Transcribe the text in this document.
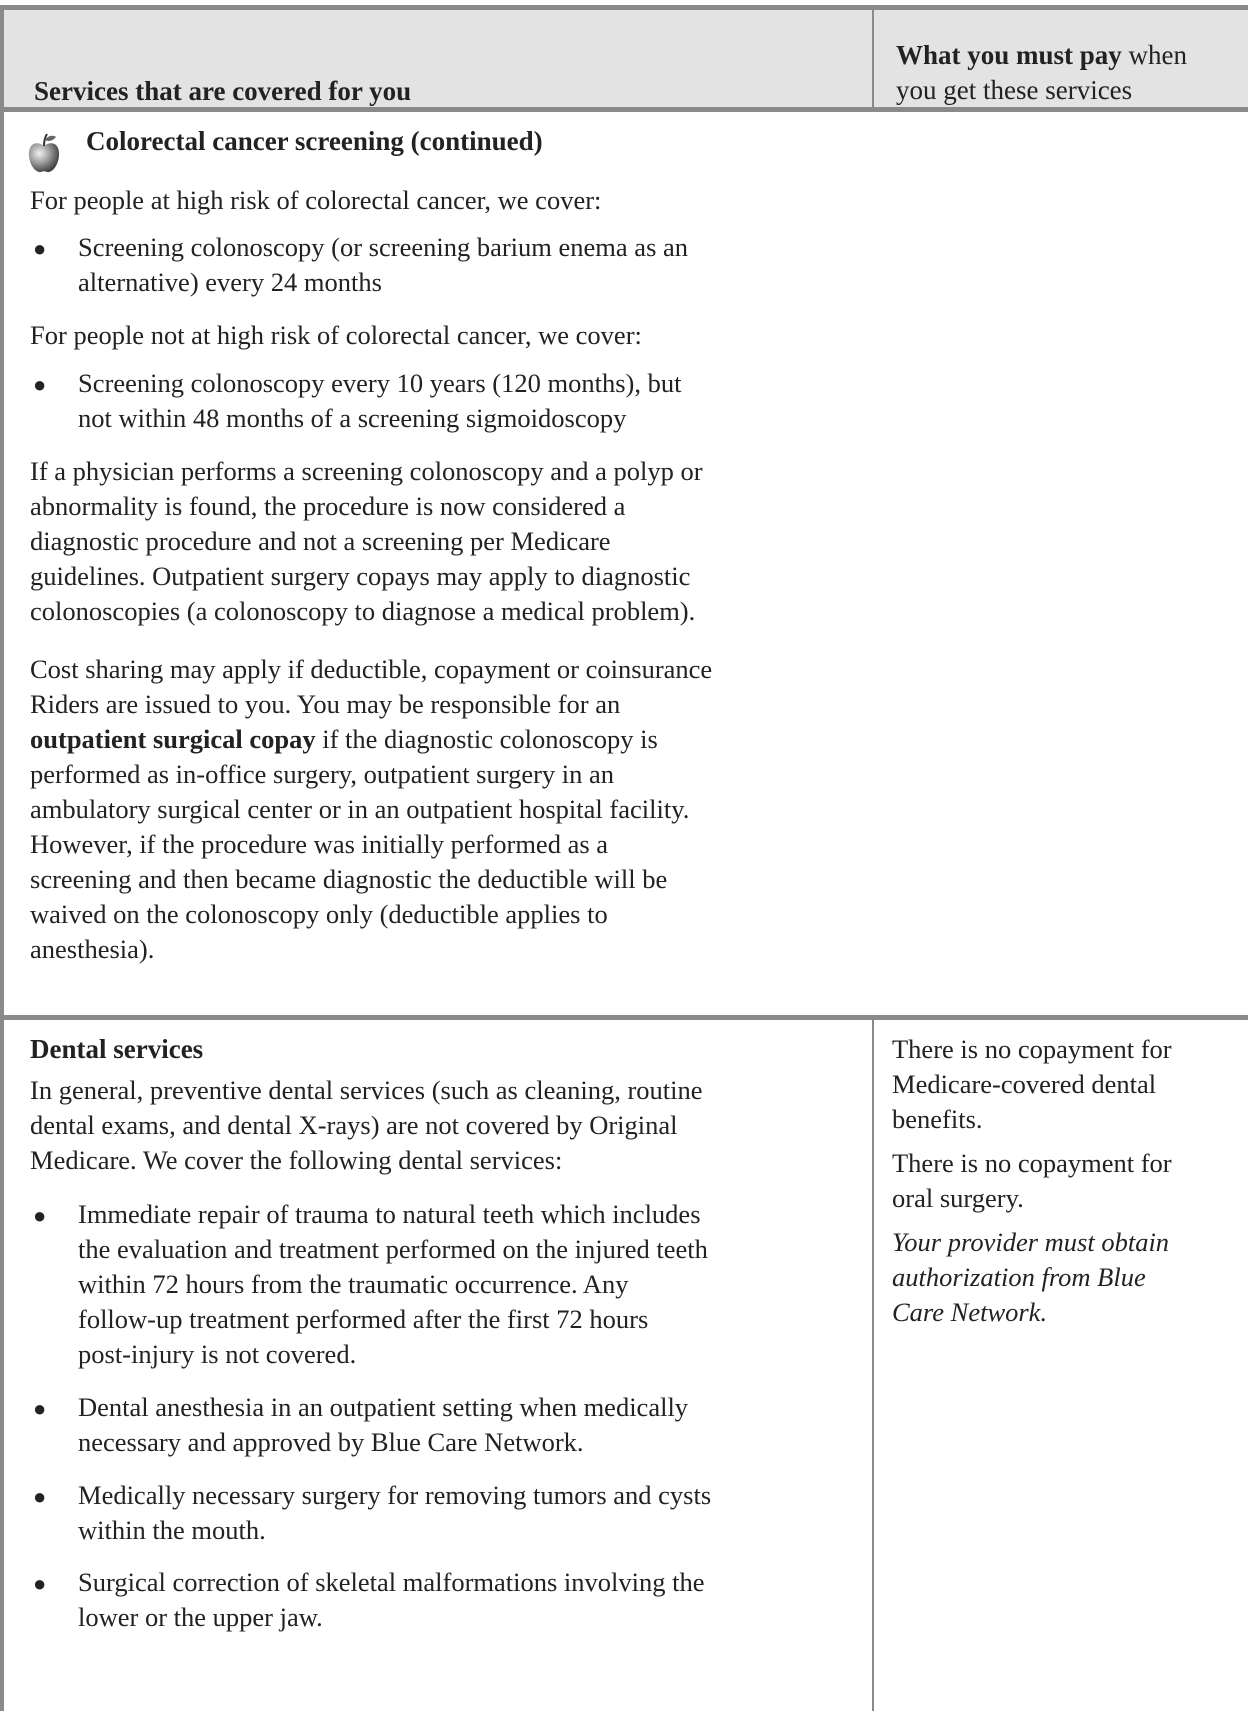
Services that are covered for you
What you must pay when
you get these services
Colorectal cancer screening (continued)
For people at high risk of colorectal cancer, we cover:
● Screening colonoscopy (or screening barium enema as an
alternative) every 24 months
For people not at high risk of colorectal cancer, we cover:
● Screening colonoscopy every 10 years (120 months), but
not within 48 months of a screening sigmoidoscopy
If a physician performs a screening colonoscopy and a polyp or
abnormality is found, the procedure is now considered a
diagnostic procedure and not a screening per Medicare
guidelines. Outpatient surgery copays may apply to diagnostic
colonoscopies (a colonoscopy to diagnose a medical problem).
Cost sharing may apply if deductible, copayment or coinsurance
Riders are issued to you. You may be responsible for an
outpatient surgical copay if the diagnostic colonoscopy is
performed as in-office surgery, outpatient surgery in an
ambulatory surgical center or in an outpatient hospital facility.
However, if the procedure was initially performed as a
screening and then became diagnostic the deductible will be
waived on the colonoscopy only (deductible applies to
anesthesia).
Dental services
In general, preventive dental services (such as cleaning, routine
dental exams, and dental X-rays) are not covered by Original
Medicare. We cover the following dental services:
● Immediate repair of trauma to natural teeth which includes
the evaluation and treatment performed on the injured teeth
within 72 hours from the traumatic occurrence. Any
follow-up treatment performed after the first 72 hours
post-injury is not covered.
● Dental anesthesia in an outpatient setting when medically
necessary and approved by Blue Care Network.
● Medically necessary surgery for removing tumors and cysts
within the mouth.
● Surgical correction of skeletal malformations involving the
lower or the upper jaw.
There is no copayment for
Medicare-covered dental
benefits.
There is no copayment for
oral surgery.
Your provider must obtain
authorization from Blue
Care Network.
